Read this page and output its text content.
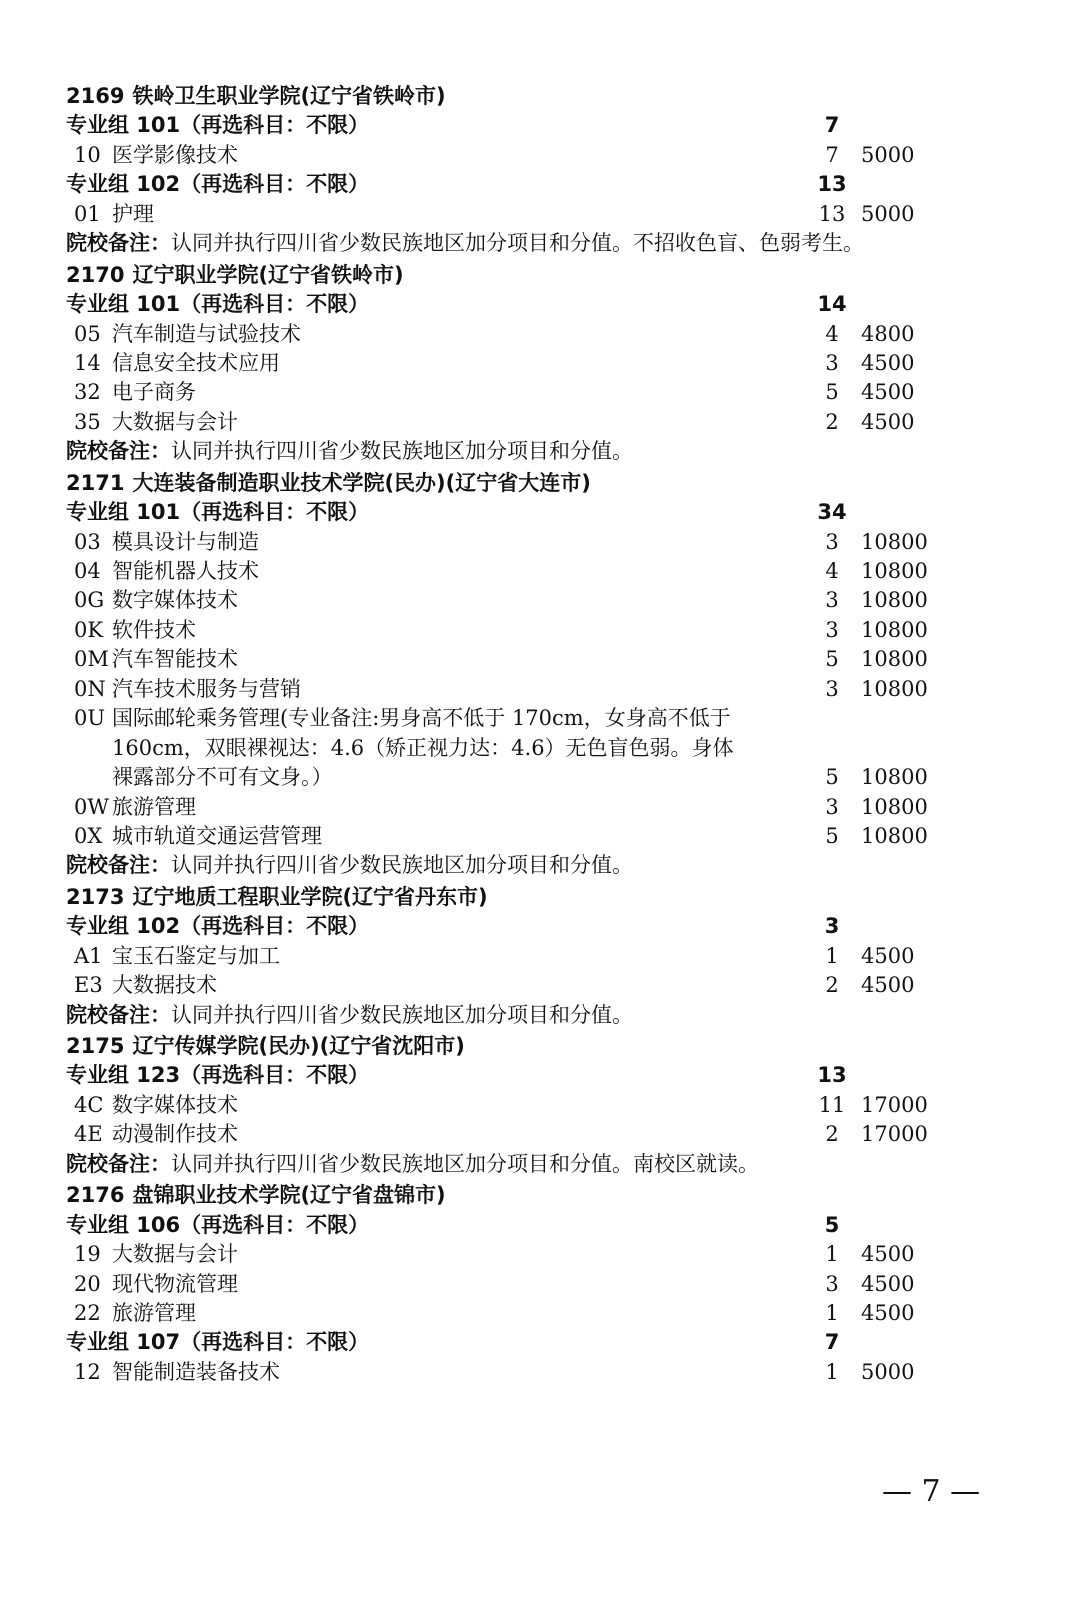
2169 铁岭卫生职业学院(辽宁省铁岭市)
专业组 101（再选科目：不限）	7
10 医学影像技术	7	5000
专业组 102（再选科目：不限）	13
01 护理	13 5000
院校备注：认同并执行四川省少数民族地区加分项目和分值。不招收色盲、色弱考生。
2170 辽宁职业学院(辽宁省铁岭市)
专业组 101（再选科目：不限）	14
05 汽车制造与试验技术	4	4800
14 信息安全技术应用	3	4500
32 电子商务	5	4500
35 大数据与会计	2	4500
院校备注：认同并执行四川省少数民族地区加分项目和分值。
2171 大连装备制造职业技术学院(民办)(辽宁省大连市)
专业组 101（再选科目：不限）	34
03 模具设计与制造	3	10800
04 智能机器人技术	4	10800
0G 数字媒体技术	3	10800
0K 软件技术	3	10800
0M 汽车智能技术	5	10800
0N 汽车技术服务与营销	3	10800
0U 国际邮轮乘务管理(专业备注:男身高不低于 170cm，女身高不低于
160cm，双眼裸视达：4.6（矫正视力达：4.6）无色盲色弱。身体
裸露部分不可有文身。）	5	10800
0W 旅游管理	3	10800
0X 城市轨道交通运营管理	5	10800
院校备注：认同并执行四川省少数民族地区加分项目和分值。
2173 辽宁地质工程职业学院(辽宁省丹东市)
专业组 102（再选科目：不限）	3
A1 宝玉石鉴定与加工	1	4500
E3 大数据技术	2	4500
院校备注：认同并执行四川省少数民族地区加分项目和分值。
2175 辽宁传媒学院(民办)(辽宁省沈阳市)
专业组 123（再选科目：不限）	13
4C 数字媒体技术	11 17000
4E 动漫制作技术	2	17000
院校备注：认同并执行四川省少数民族地区加分项目和分值。南校区就读。
2176 盘锦职业技术学院(辽宁省盘锦市)
专业组 106（再选科目：不限）	5
19 大数据与会计	1	4500
20 现代物流管理	3	4500
22 旅游管理	1	4500
专业组 107（再选科目：不限）	7
12 智能制造装备技术	1	5000
— 7 —
